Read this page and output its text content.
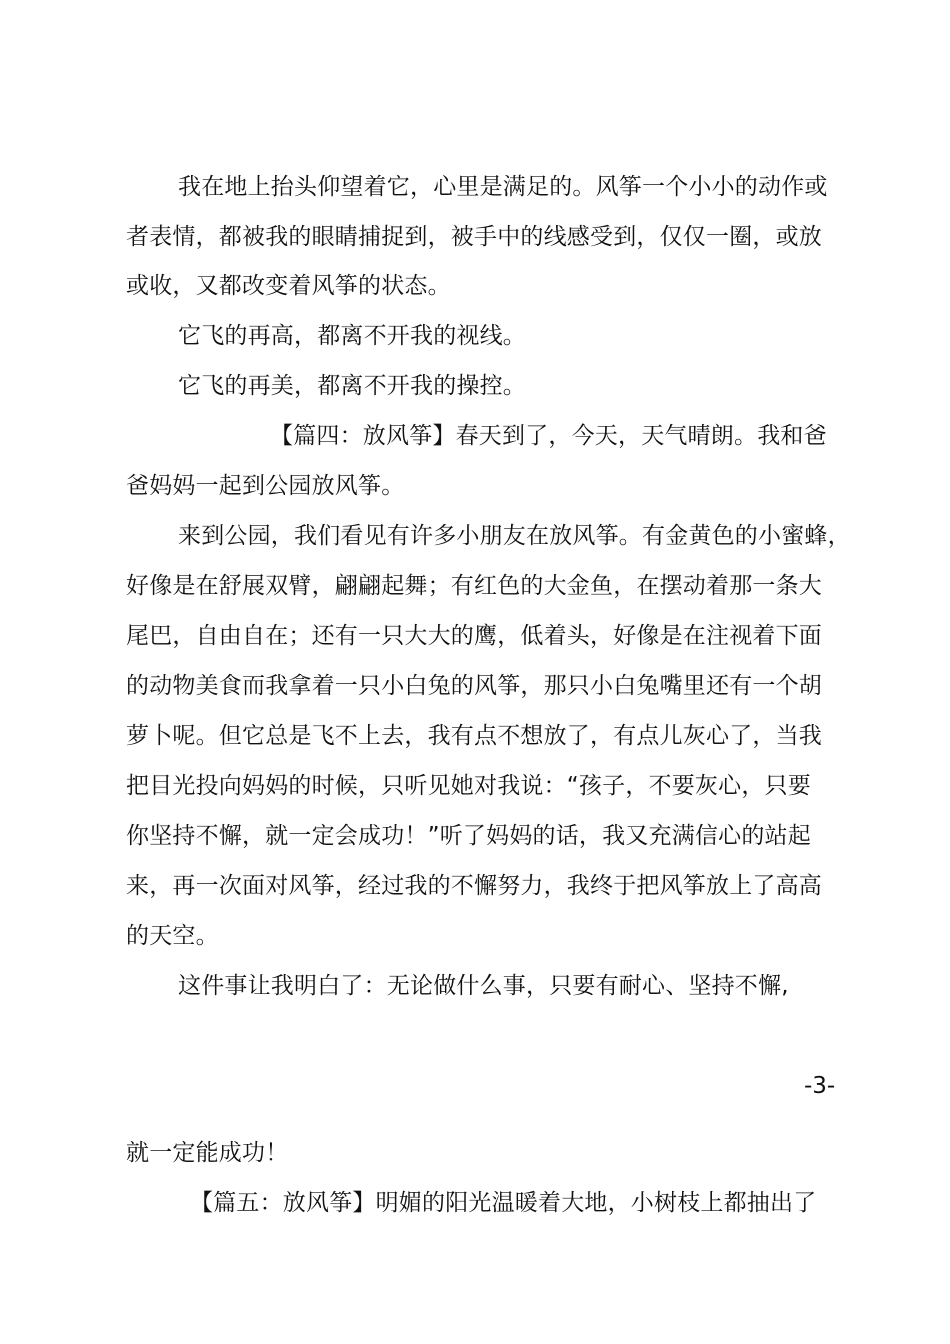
我在地上抬头仰望着它，心里是满足的。风筝一个小小的动作或
者表情，都被我的眼睛捕捉到，被手中的线感受到，仅仅一圈，或放
或收，又都改变着风筝的状态。
它飞的再高，都离不开我的视线。
它飞的再美，都离不开我的操控。
【篇四：放风筝】春天到了，今天，天气晴朗。我和爸
爸妈妈一起到公园放风筝。
来到公园，我们看见有许多小朋友在放风筝。有金黄色的小蜜蜂，
好像是在舒展双臂，翩翩起舞；有红色的大金鱼，在摆动着那一条大
尾巴，自由自在；还有一只大大的鹰，低着头，好像是在注视着下面
的动物美食而我拿着一只小白兔的风筝，那只小白兔嘴里还有一个胡
萝卜呢。但它总是飞不上去，我有点不想放了，有点儿灰心了，当我
把目光投向妈妈的时候，只听见她对我说：“孩子，不要灰心，只要
你坚持不懈，就一定会成功！”听了妈妈的话，我又充满信心的站起
来，再一次面对风筝，经过我的不懈努力，我终于把风筝放上了高高
的天空。
这件事让我明白了：无论做什么事，只要有耐心、坚持不懈,
-3-
就一定能成功！
【篇五：放风筝】明媚的阳光温暖着大地，小树枝上都抽出了
